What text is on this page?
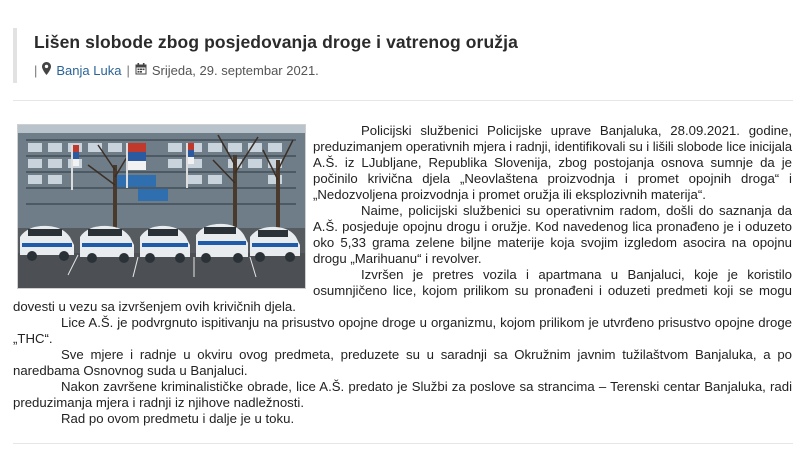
Lišen slobode zbog posjedovanja droge i vatrenog oružja
| Banja Luka | Srijeda, 29. septembar 2021.
Policijski službenici Policijske uprave Banjaluka, 28.09.2021. godine,
preduzimanjem operativnih mjera i radnji, identifikovali su i lišili slobode lice inicijala
A.Š. iz LJubljane, Republika Slovenija, zbog postojanja osnova sumnje da je
počinilo krivična djela „Neovlaštena proizvodnja i promet opojnih droga“ i
„Nedozvoljena proizvodnja i promet oružja ili eksplozivnih materija“.
Naime, policijski službenici su operativnim radom, došli do saznanja da
A.Š. posjeduje opojnu drogu i oružje. Kod navedenog lica pronađeno je i oduzeto
oko 5,33 grama zelene biljne materije koja svojim izgledom asocira na opojnu
drogu „Marihuanu“ i revolver.
Izvršen je pretres vozila i apartmana u Banjaluci, koje je koristilo
osumnjičeno lice, kojom prilikom su pronađeni i oduzeti predmeti koji se mogu
dovesti u vezu sa izvršenjem ovih krivičnih djela.
Lice A.Š. je podvrgnuto ispitivanju na prisustvo opojne droge u organizmu, kojom prilikom je utvrđeno prisustvo opojne droge
„THC“.
Sve mjere i radnje u okviru ovog predmeta, preduzete su u saradnji sa Okružnim javnim tužilaštvom Banjaluka, a po
naredbama Osnovnog suda u Banjaluci.
Nakon završene kriminalističke obrade, lice A.Š. predato je Službi za poslove sa strancima – Terenski centar Banjaluka, radi
preduzimanja mjera i radnji iz njihove nadležnosti.
Rad po ovom predmetu i dalje je u toku.
